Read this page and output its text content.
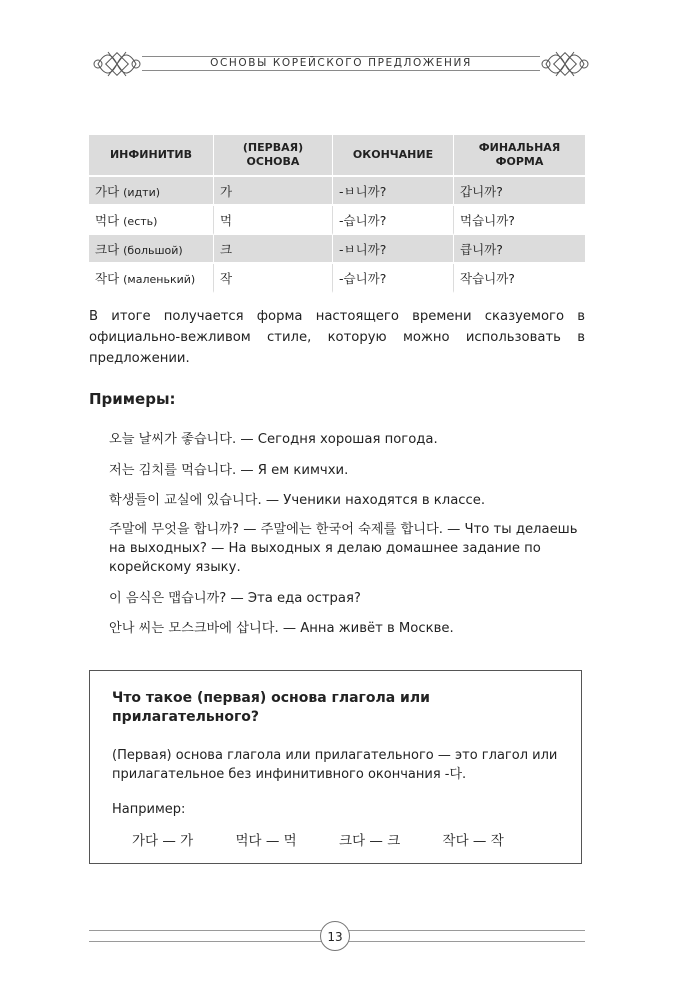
ОСНОВЫ КОРЕЙСКОГО ПРЕДЛОЖЕНИЯ
ИНФИНИТИВ	(ПЕРВАЯ) ОСНОВА	ОКОНЧАНИЕ	ФИНАЛЬНАЯ ФОРМА
가다 (идти)	가	-ㅂ니까?	갑니까?
먹다 (есть)	먹	-습니까?	먹습니까?
크다 (большой)	크	-ㅂ니까?	큽니까?
작다 (маленький)	작	-습니까?	작습니까?

В итоге получается форма настоящего времени сказуемого в официально-вежливом стиле, которую можно использовать в предложении.

Примеры:

오늘 날씨가 좋습니다. — Сегодня хорошая погода.

저는 김치를 먹습니다. — Я ем кимчхи.

학생들이 교실에 있습니다. — Ученики находятся в классе.

주말에 무엇을 합니까? — 주말에는 한국어 숙제를 합니다. — Что ты делаешь на выходных? — На выходных я делаю домашнее задание по корейскому языку.

이 음식은 맵습니까? — Эта еда острая?

안나 씨는 모스크바에 삽니다. — Анна живёт в Москве.

Что такое (первая) основа глагола или прилагательного?

(Первая) основа глагола или прилагательного — это глагол или прилагательное без инфинитивного окончания -다.

Например:

가다 — 가	먹다 — 먹	크다 — 크	작다 — 작
13
